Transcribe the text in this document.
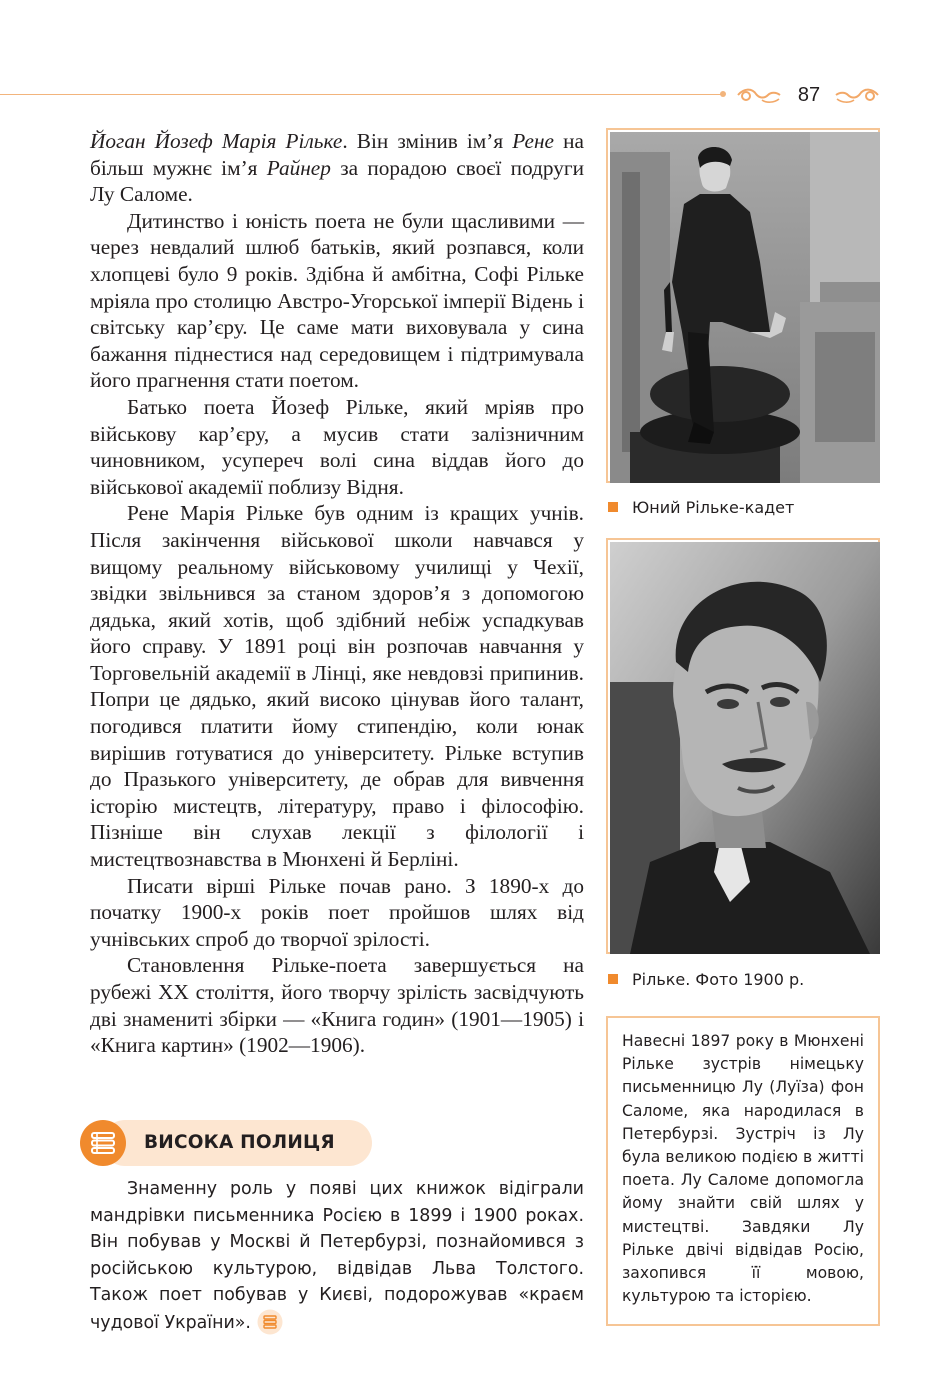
87

Йоган Йозеф Марія Рільке. Він змінив ім’я Рене на більш мужнє ім’я Райнер за порадою своєї подруги Лу Саломе.

Дитинство і юність поета не були щасливими — через невдалий шлюб батьків, який розпався, коли хлопцеві було 9 років. Здібна й амбітна, Софі Рільке мріяла про столицю Австро-Угорської імперії Відень і світську кар’єру. Це саме мати виховувала у сина бажання піднестися над середовищем і підтримувала його прагнення стати поетом.

Батько поета Йозеф Рільке, який мріяв про військову кар’єру, а мусив стати залізничним чиновником, усупереч волі сина віддав його до військової академії поблизу Відня.

Рене Марія Рільке був одним із кращих учнів. Після закінчення військової школи навчався у вищому реальному військовому училищі у Чехії, звідки звільнився за станом здоров’я з допомогою дядька, який хотів, щоб здібний небіж успадкував його справу. У 1891 році він розпочав навчання у Торговельній академії в Лінці, яке невдовзі припинив. Попри це дядько, який високо цінував його талант, погодився платити йому стипендію, коли юнак вирішив готуватися до університету. Рільке вступив до Празького університету, де обрав для вивчення історію мистецтв, літературу, право і філософію. Пізніше він слухав лекції з філології і мистецтвознавства в Мюнхені й Берліні.

Писати вірші Рільке почав рано. З 1890-х до початку 1900-х років поет пройшов шлях від учнівських спроб до творчої зрілості.

Становлення Рільке-поета завершується на рубежі XX століття, його творчу зрілість засвідчують дві знамениті збірки — «Книга годин» (1901—1905) і «Книга картин» (1902—1906).

ВИСОКА ПОЛИЦЯ

Знаменну роль у появі цих книжок відіграли мандрівки письменника Росією в 1899 і 1900 роках. Він побував у Москві й Петербурзі, познайомився з російською культурою, відвідав Льва Толстого. Також поет побував у Києві, подорожував «краєм чудової України».

Юний Рільке-кадет
Рільке. Фото 1900 р.

Навесні 1897 року в Мюнхені Рільке зустрів німецьку письменницю Лу (Луїза) фон Саломе, яка народилася в Петербурзі. Зустріч із Лу була великою подією в житті поета. Лу Саломе допомогла йому знайти свій шлях у мистецтві. Завдяки Лу Рільке двічі відвідав Росію, захопився її мовою, культурою та історією.
